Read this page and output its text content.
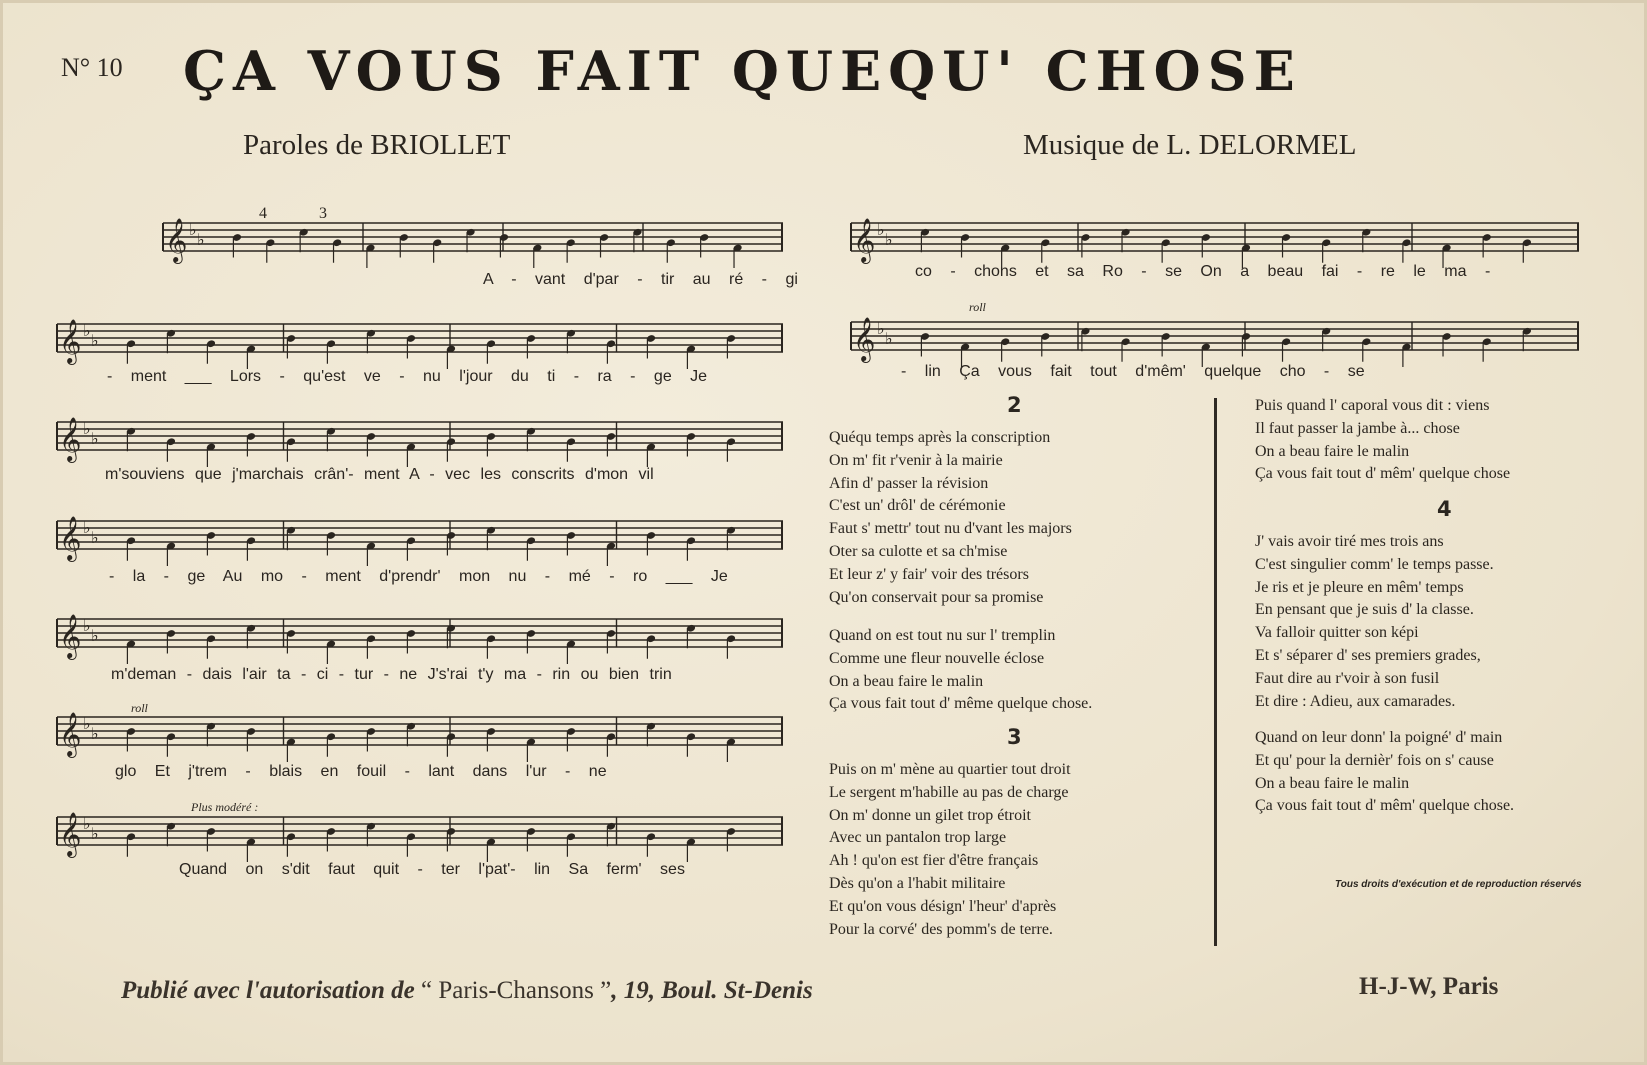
N° 10 ÇA VOUS FAIT QUEQU' CHOSE
Paroles de BRIOLLET	Musique de L. DELORMEL
𝄞 ♭
♭
𝄞 ♭
♭
𝄞 ♭
♭
𝄞 ♭
♭
𝄞 ♭
♭
𝄞 ♭
♭
𝄞 ♭
♭
𝄞 ♭
♭
𝄞 ♭
♭
4	3
roll
roll
Plus modéré :
A - vant d'par - tir au ré - gi
- ment ___ Lors - qu'est ve - nu l'jour du ti - ra - ge Je
m'souviens que j'marchais crân'- ment A - vec les conscrits d'mon vil
- la - ge Au mo - ment d'prendr' mon nu - mé - ro ___ Je
m'deman - dais l'air ta - ci - tur - ne J's'rai t'y ma - rin ou bien trin
glo Et j'trem - blais en fouil - lant dans l'ur - ne
Quand on s'dit faut quit - ter l'pat'- lin Sa ferm' ses
co - chons et sa Ro - se On a beau fai - re le ma -
- lin Ça vous fait tout d'mêm' quelque cho - se
2
Quéqu temps après la conscription
On m' fit r'venir à la mairie
Afin d' passer la révision
C'est un' drôl' de cérémonie
Faut s' mettr' tout nu d'vant les majors
Oter sa culotte et sa ch'mise
Et leur z' y fair' voir des trésors
Qu'on conservait pour sa promise
Quand on est tout nu sur l' tremplin
Comme une fleur nouvelle éclose
On a beau faire le malin
Ça vous fait tout d' même quelque chose.
3
Puis on m' mène au quartier tout droit
Le sergent m'habille au pas de charge
On m' donne un gilet trop étroit
Avec un pantalon trop large
Ah ! qu'on est fier d'être français
Dès qu'on a l'habit militaire
Et qu'on vous désign' l'heur' d'après
Pour la corvé' des pomm's de terre.
Puis quand l' caporal vous dit : viens
Il faut passer la jambe à... chose
On a beau faire le malin
Ça vous fait tout d' mêm' quelque chose
4
J' vais avoir tiré mes trois ans
C'est singulier comm' le temps passe.
Je ris et je pleure en mêm' temps
En pensant que je suis d' la classe.
Va falloir quitter son képi
Et s' séparer d' ses premiers grades,
Faut dire au r'voir à son fusil
Et dire : Adieu, aux camarades.
Quand on leur donn' la poigné' d' main
Et qu' pour la dernièr' fois on s' cause
On a beau faire le malin
Ça vous fait tout d' mêm' quelque chose.
Tous droits d'exécution et de reproduction réservés
Publié avec l'autorisation de “ Paris-Chansons ”, 19, Boul. St-Denis	H-J-W, Paris
